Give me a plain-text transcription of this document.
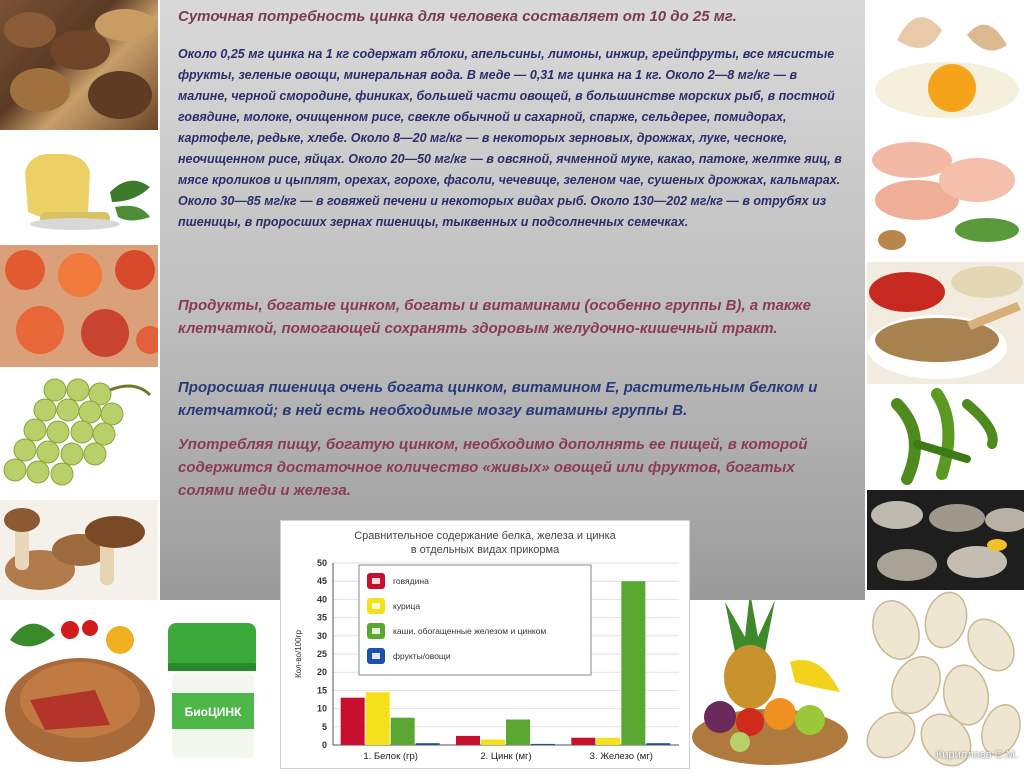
БиоЦИНК

Суточная потребность цинка для человека составляет от 10 до 25 мг.

Около 0,25 мг цинка на 1 кг содержат яблоки, апельсины, лимоны, инжир, грейпфруты, все мясистые фрукты, зеленые овощи, минеральная вода. В меде — 0,31 мг цинка на 1 кг. Около 2—8 мг/кг — в малине, черной смородине, финиках, большей части овощей, в большинстве морских рыб, в постной говядине, молоке, очищенном рисе, свекле обычной и сахарной, спарже, сельдерее, помидорах, картофеле, редьке, хлебе. Около 8—20 мг/кг — в некоторых зерновых, дрожжах, луке, чесноке, неочищенном рисе, яйцах. Около 20—50 мг/кг — в овсяной, ячменной муке, какао, патоке, желтке яиц, в мясе кроликов и цыплят, орехах, горохе, фасоли, чечевице, зеленом чае, сушеных дрожжах, кальмарах. Около 30—85 мг/кг — в говяжей печени и некоторых видах рыб. Около 130—202 мг/кг — в отрубях из пшеницы, в проросших зернах пшеницы, тыквенных и подсолнечных семечках.

Продукты, богатые цинком, богаты и витаминами (особенно группы В), а также клетчаткой, помогающей сохранять здоровым желудочно-кишечный тракт.

Проросшая пшеница очень богата цинком, витамином Е, растительным белком и клетчаткой; в ней есть необходимые мозгу витамины группы В.

Употребляя пищу, богатую цинком, необходимо дополнять ее пищей, в которой содержится достаточное количество «живых» овощей или фруктов, богатых солями меди и железа.

Сравнительное содержание белка, железа и цинка
в отдельных видах прикорма
0
5
10
15
20
25
30
35
40
45
50
Кол-во/100гр
1. Белок (гр)	2. Цинк (мг)	3. Железо (мг)
говядина
курица
каши, обогащенные железом и цинком
фрукты/овощи
Кириллова С.М.
